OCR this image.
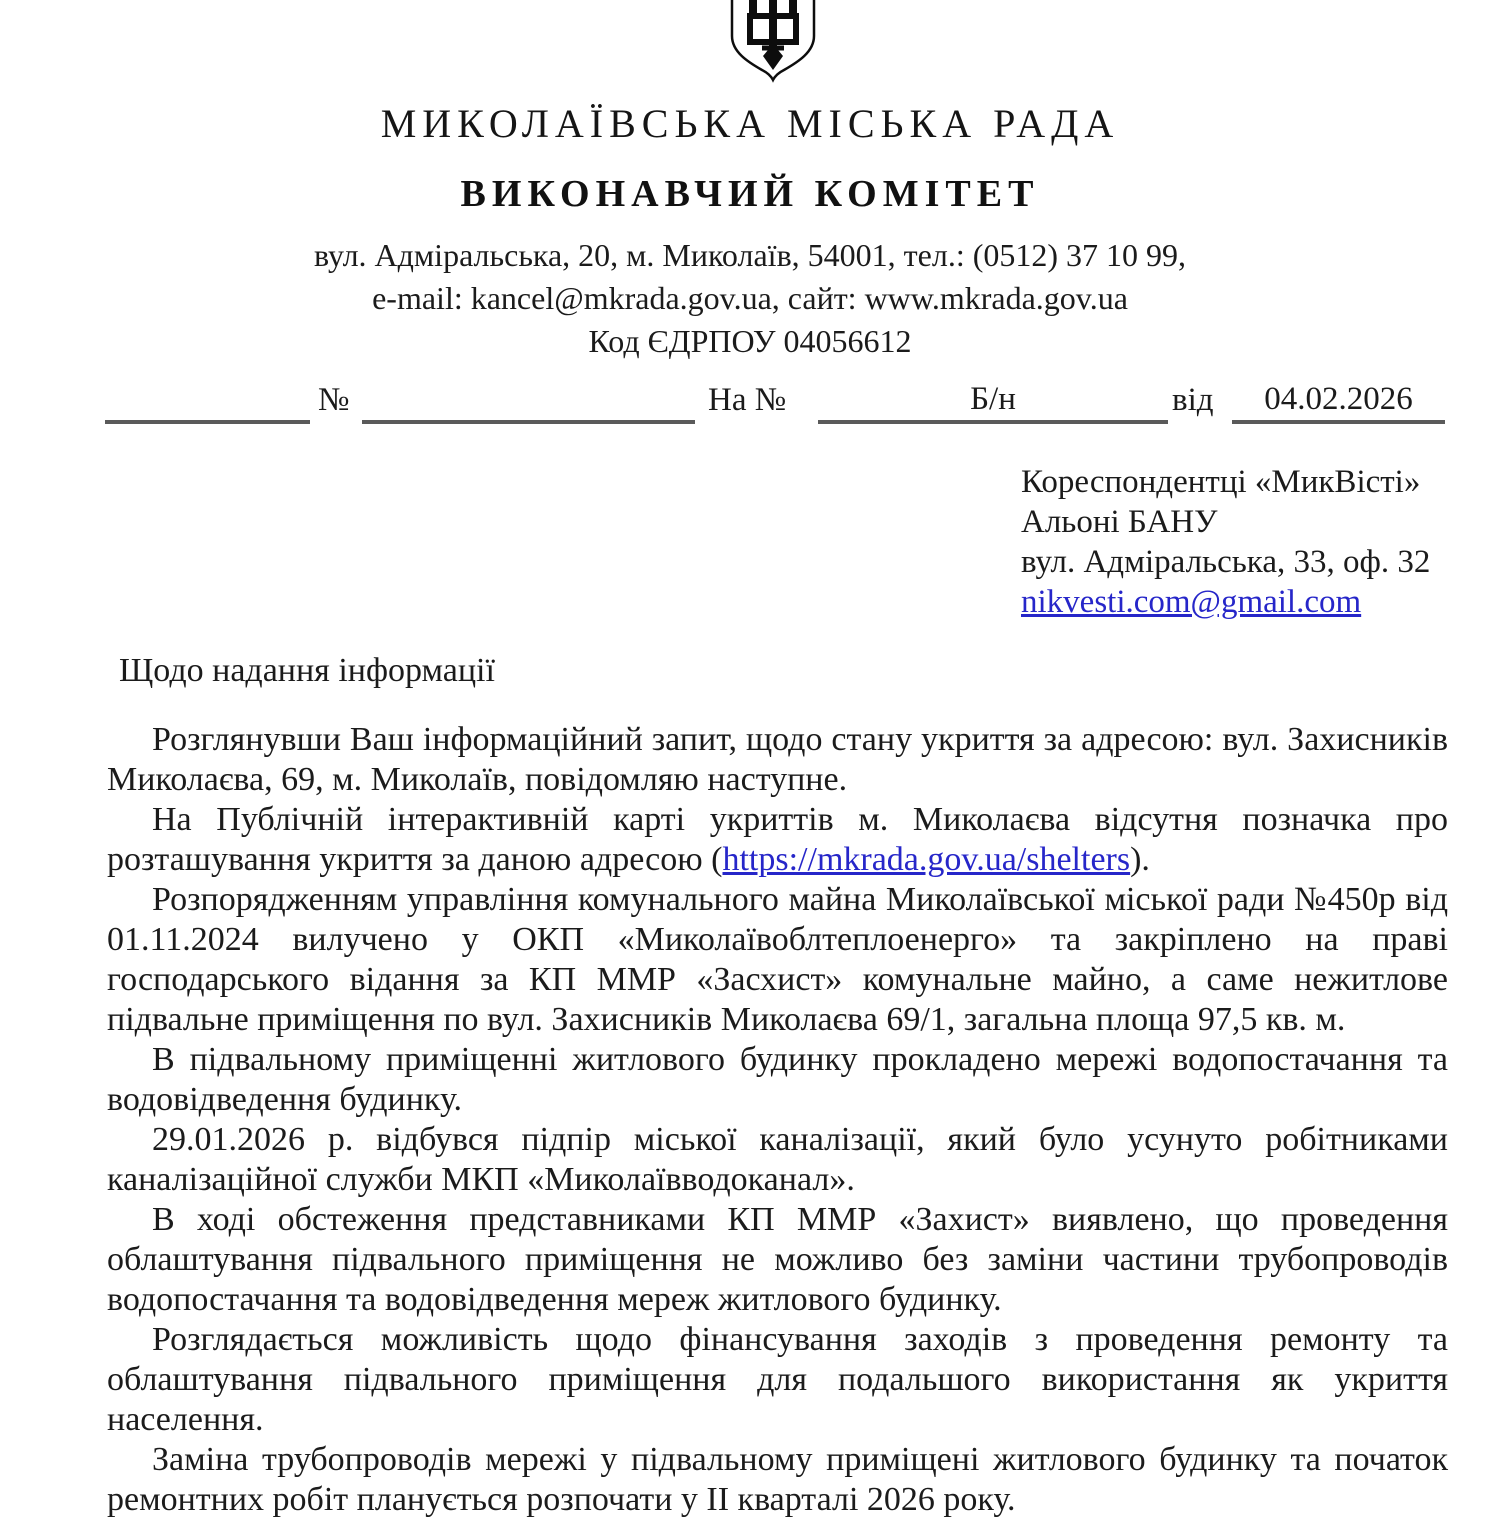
МИКОЛАЇВСЬКА МІСЬКА РАДА
ВИКОНАВЧИЙ КОМІТЕТ
вул. Адміральська, 20, м. Миколаїв, 54001, тел.: (0512) 37 10 99,
e-mail: kancel@mkrada.gov.ua, сайт: www.mkrada.gov.ua
Код ЄДРПОУ 04056612
№	На №	Б/н	від	04.02.2026
Кореспондентці «МикВісті»
Альоні БАНУ
вул. Адміральська, 33, оф. 32
nikvesti.com@gmail.com
Щодо надання інформації

Розглянувши Ваш інформаційний запит, щодо стану укриття за адресою: вул. Захисників Миколаєва, 69, м. Миколаїв, повідомляю наступне.

На Публічній інтерактивній карті укриттів м. Миколаєва відсутня позначка про розташування укриття за даною адресою (https://mkrada.gov.ua/shelters).

Розпорядженням управління комунального майна Миколаївської міської ради №450р від 01.11.2024 вилучено у ОКП «Миколаївоблтеплоенерго» та закріплено на праві господарського відання за КП ММР «Засхист» комунальне майно, а саме нежитлове підвальне приміщення по вул. Захисників Миколаєва 69/1, загальна площа 97,5 кв. м.

В підвальному приміщенні житлового будинку прокладено мережі водопостачання та водовідведення будинку.

29.01.2026 р. відбувся підпір міської каналізації, який було усунуто робітниками каналізаційної служби МКП «Миколаївводоканал».

В ході обстеження представниками КП ММР «Захист» виявлено, що проведення облаштування підвального приміщення не можливо без заміни частини трубопроводів водопостачання та водовідведення мереж житлового будинку.

Розглядається можливість щодо фінансування заходів з проведення ремонту та облаштування підвального приміщення для подальшого використання як укриття населення.

Заміна трубопроводів мережі у підвальному приміщені житлового будинку та початок ремонтних робіт планується розпочати у II кварталі 2026 року.
